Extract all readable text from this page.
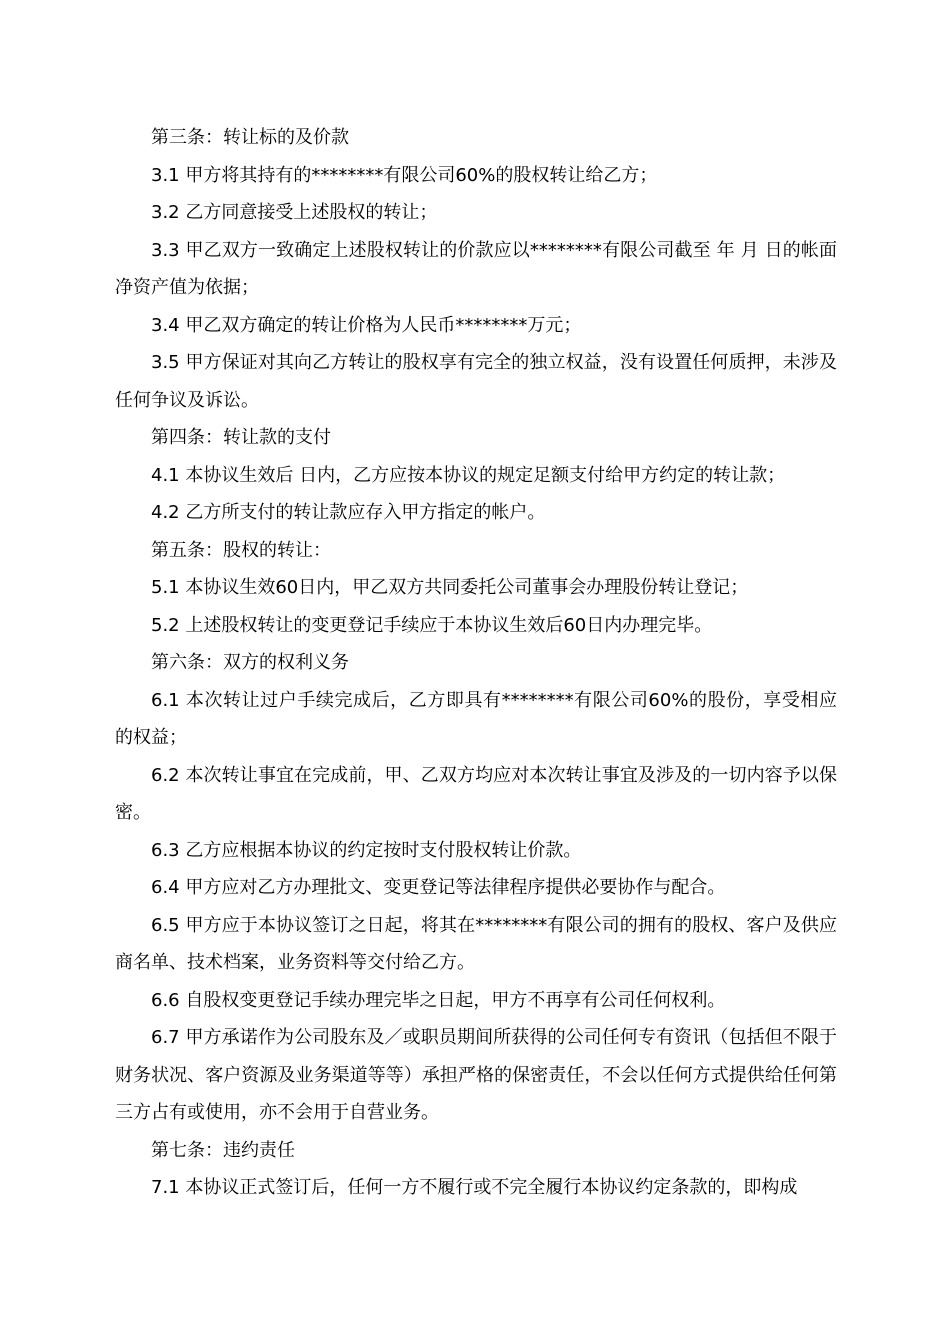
第三条：转让标的及价款

3.1 甲方将其持有的********有限公司60%的股权转让给乙方；

3.2 乙方同意接受上述股权的转让；

3.3 甲乙双方一致确定上述股权转让的价款应以********有限公司截至 年 月 日的帐面净资产值为依据；

3.4 甲乙双方确定的转让价格为人民币********万元；

3.5 甲方保证对其向乙方转让的股权享有完全的独立权益，没有设置任何质押，未涉及任何争议及诉讼。

第四条：转让款的支付

4.1 本协议生效后 日内，乙方应按本协议的规定足额支付给甲方约定的转让款；

4.2 乙方所支付的转让款应存入甲方指定的帐户。

第五条：股权的转让：

5.1 本协议生效60日内，甲乙双方共同委托公司董事会办理股份转让登记；

5.2 上述股权转让的变更登记手续应于本协议生效后60日内办理完毕。

第六条：双方的权利义务

6.1 本次转让过户手续完成后，乙方即具有********有限公司60%的股份，享受相应的权益；

6.2 本次转让事宜在完成前，甲、乙双方均应对本次转让事宜及涉及的一切内容予以保密。

6.3 乙方应根据本协议的约定按时支付股权转让价款。

6.4 甲方应对乙方办理批文、变更登记等法律程序提供必要协作与配合。

6.5 甲方应于本协议签订之日起，将其在********有限公司的拥有的股权、客户及供应商名单、技术档案，业务资料等交付给乙方。

6.6 自股权变更登记手续办理完毕之日起，甲方不再享有公司任何权利。

6.7 甲方承诺作为公司股东及／或职员期间所获得的公司任何专有资讯（包括但不限于财务状况、客户资源及业务渠道等等）承担严格的保密责任，不会以任何方式提供给任何第三方占有或使用，亦不会用于自营业务。

第七条：违约责任

7.1 本协议正式签订后，任何一方不履行或不完全履行本协议约定条款的，即构成
